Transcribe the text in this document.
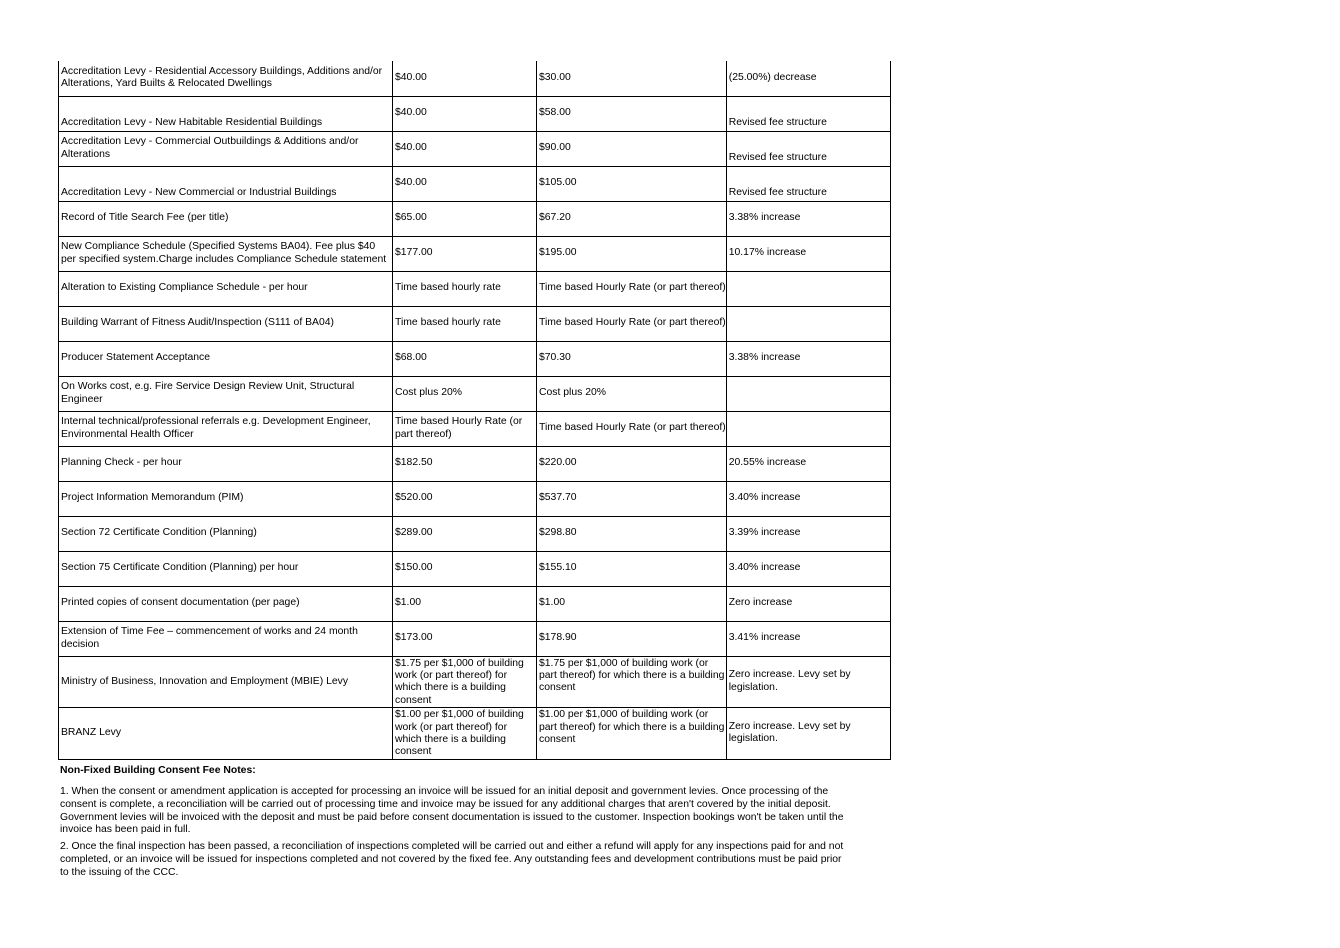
Accreditation Levy - Residential Accessory Buildings, Additions and/or Alterations, Yard Builts & Relocated Dwellings	$40.00	$30.00	(25.00%) decrease
Accreditation Levy - New Habitable Residential Buildings	$40.00	$58.00	Revised fee structure
Accreditation Levy - Commercial Outbuildings & Additions and/or Alterations	$40.00	$90.00	Revised fee structure
Accreditation Levy - New Commercial or Industrial Buildings	$40.00	$105.00	Revised fee structure
Record of Title Search Fee (per title)	$65.00	$67.20	3.38% increase
New Compliance Schedule (Specified Systems BA04). Fee plus $40 per specified system.Charge includes Compliance Schedule statement	$177.00	$195.00	10.17% increase
Alteration to Existing Compliance Schedule - per hour	Time based hourly rate	Time based Hourly Rate (or part thereof)	
Building Warrant of Fitness Audit/Inspection (S111 of BA04)	Time based hourly rate	Time based Hourly Rate (or part thereof)	
Producer Statement Acceptance	$68.00	$70.30	3.38% increase
On Works cost, e.g. Fire Service Design Review Unit, Structural Engineer	Cost plus 20%	Cost plus 20%	
Internal technical/professional referrals e.g. Development Engineer, Environmental Health Officer	Time based Hourly Rate (or part thereof)	Time based Hourly Rate (or part thereof)	
Planning Check - per hour	$182.50	$220.00	20.55% increase
Project Information Memorandum (PIM)	$520.00	$537.70	3.40% increase
Section 72 Certificate Condition (Planning)	$289.00	$298.80	3.39% increase
Section 75 Certificate Condition (Planning) per hour	$150.00	$155.10	3.40% increase
Printed copies of consent documentation (per page)	$1.00	$1.00	Zero increase
Extension of Time Fee – commencement of works and 24 month decision	$173.00	$178.90	3.41% increase
Ministry of Business, Innovation and Employment (MBIE) Levy	$1.75 per $1,000 of building work (or part thereof) for which there is a building consent	$1.75 per $1,000 of building work (or part thereof) for which there is a building consent	Zero increase. Levy set by legislation.
BRANZ Levy	$1.00 per $1,000 of building work (or part thereof) for which there is a building consent	$1.00 per $1,000 of building work (or part thereof) for which there is a building consent	Zero increase. Levy set by legislation.
Non-Fixed Building Consent Fee Notes:
1. When the consent or amendment application is accepted for processing an invoice will be issued for an initial deposit and government levies. Once processing of the consent is complete, a reconciliation will be carried out of processing time and invoice may be issued for any additional charges that aren't covered by the initial deposit. Government levies will be invoiced with the deposit and must be paid before consent documentation is issued to the customer. Inspection bookings won't be taken until the invoice has been paid in full.
2. Once the final inspection has been passed, a reconciliation of inspections completed will be carried out and either a refund will apply for any inspections paid for and not completed, or an invoice will be issued for inspections completed and not covered by the fixed fee. Any outstanding fees and development contributions must be paid prior to the issuing of the CCC.
